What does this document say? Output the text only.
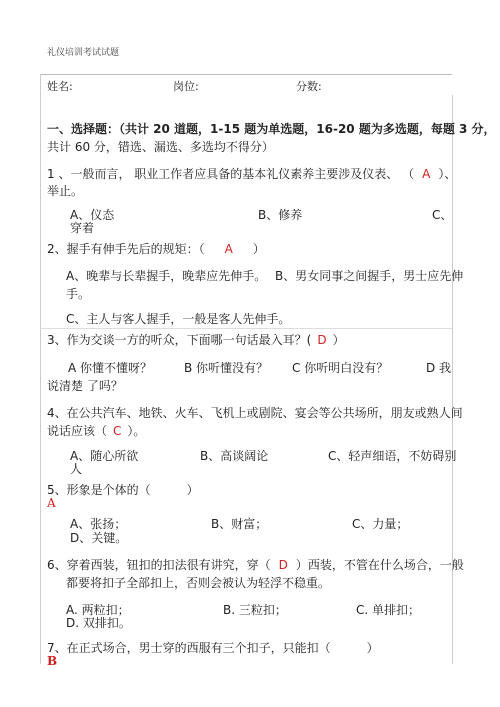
礼仪培训考试试题
姓名:	岗位:	分数:
一、选择题：（共计 20 道题，1-15 题为单选题，16-20 题为多选题，每题 3 分，
共计 60 分，错选、漏选、多选均不得分）
1 、一般而言， 职业工作者应具备的基本礼仪素养主要涉及仪表、 （ A ）、
举止。
A、仪态	B、修养	C、
穿着
2、握手有伸手先后的规矩：（ A ）
A、晚辈与长辈握手，晚辈应先伸手。 B、男女同事之间握手，男士应先伸
手。
C、主人与客人握手，一般是客人先伸手。
3、作为交谈一方的听众，下面哪一句话最入耳？( D ）
A 你懂不懂呀？	B 你听懂没有？ C 你听明白没有？	D 我
说清楚 了吗？
4、在公共汽车、地铁、火车、飞机上或剧院、宴会等公共场所，朋友或熟人间
说话应该（ C ）。
A、随心所欲	B、高谈阔论	C、轻声细语，不妨碍别
人
5、形象是个体的（	）
A
A、张扬；	B、财富；	C、力量；
D、关键。
6、穿着西装，钮扣的扣法很有讲究，穿（ D ）西装，不管在什么场合，一般
都要将扣子全部扣上，否则会被认为轻浮不稳重。
A. 两粒扣；	B. 三粒扣；	C. 单排扣；
D. 双排扣。
7、在正式场合，男士穿的西服有三个扣子，只能扣（	）
B
